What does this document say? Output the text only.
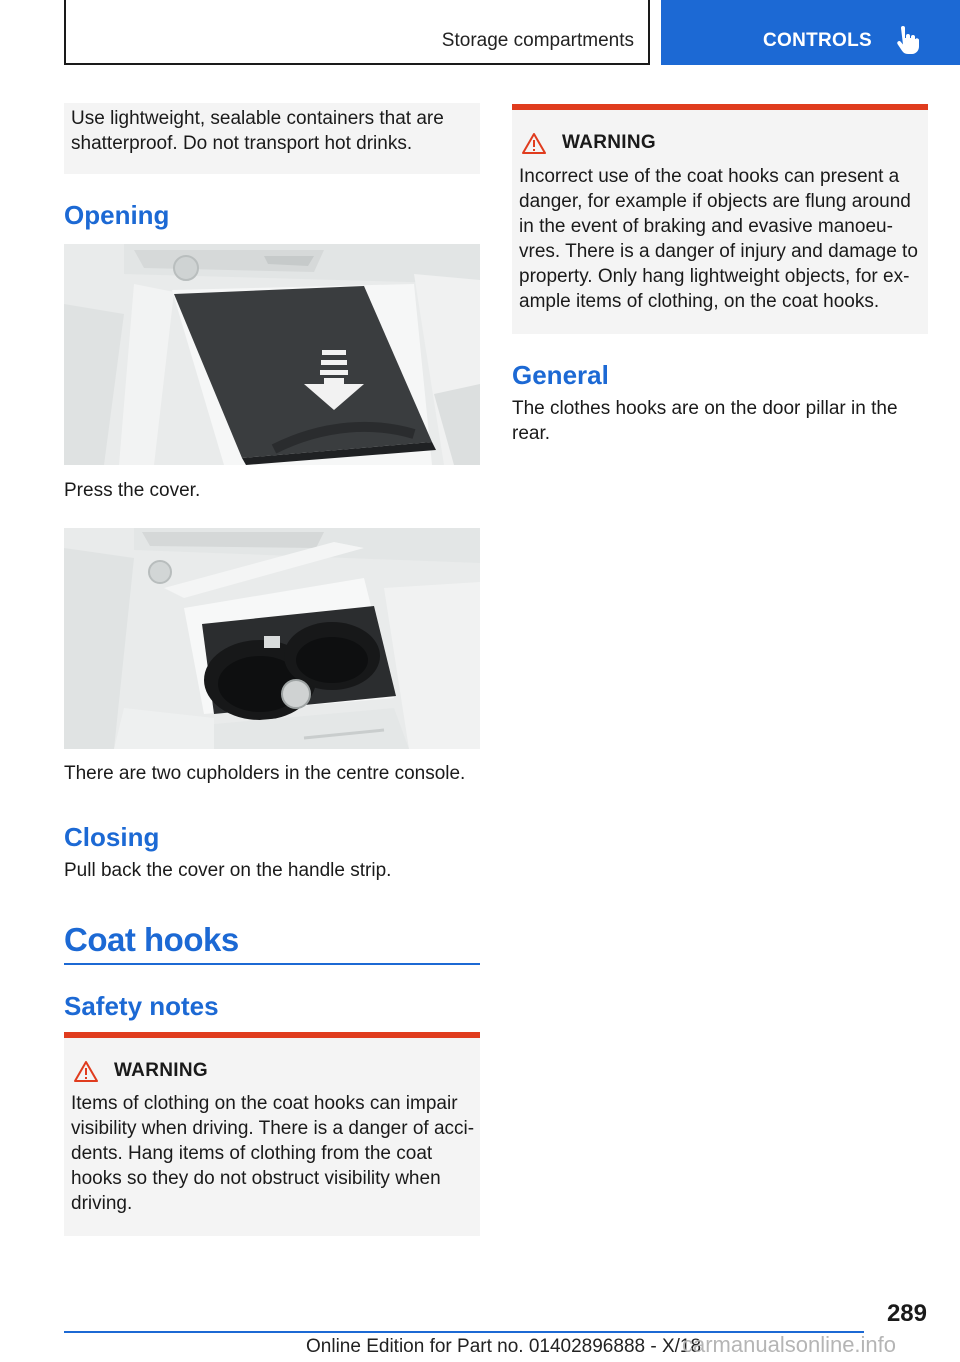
Storage compartments	CONTROLS
Use lightweight, sealable containers that are shatterproof. Do not transport hot drinks.
Opening
Press the cover.
There are two cupholders in the centre console.
Closing
Pull back the cover on the handle strip.
Coat hooks
Safety notes
WARNING
Items of clothing on the coat hooks can impair visibility when driving. There is a danger of acci-dents. Hang items of clothing from the coat hooks so they do not obstruct visibility when driving.
WARNING
Incorrect use of the coat hooks can present a danger, for example if objects are flung around in the event of braking and evasive manoeu-vres. There is a danger of injury and damage to property. Only hang lightweight objects, for ex-ample items of clothing, on the coat hooks.
General
The clothes hooks are on the door pillar in the rear.
289
Online Edition for Part no. 01402896888 - X/18
carmanualsonline.info
